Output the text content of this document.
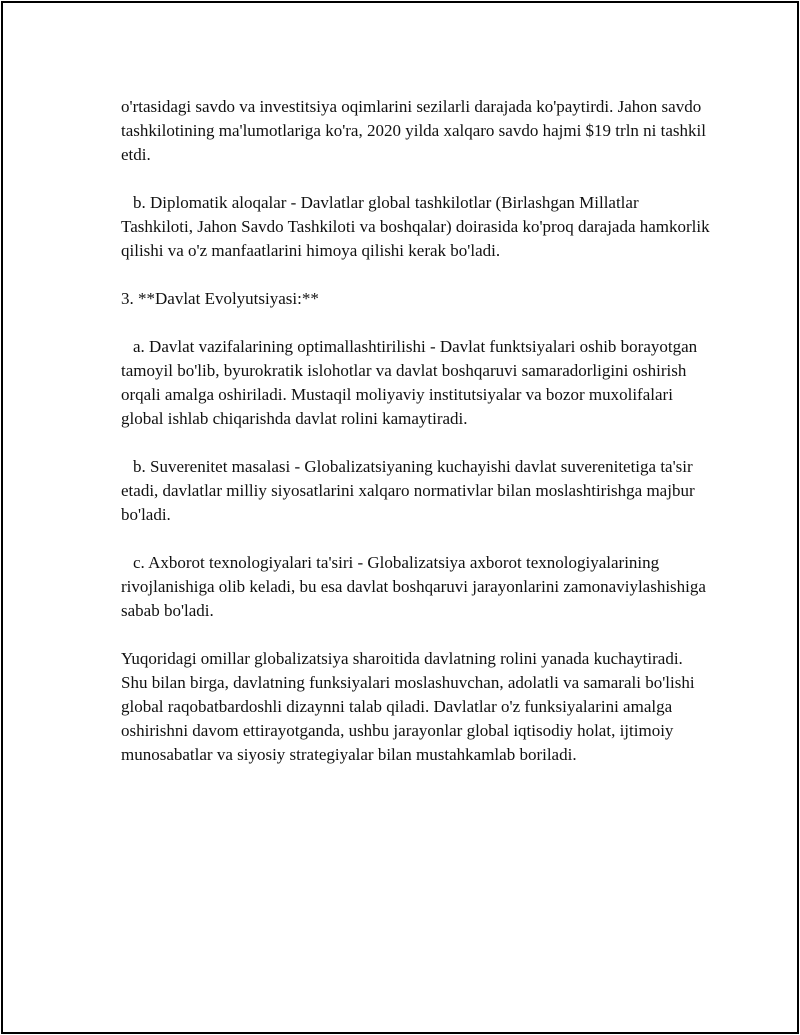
o'rtasidagi savdo va investitsiya oqimlarini sezilarli darajada ko'paytirdi. Jahon savdo tashkilotining ma'lumotlariga ko'ra, 2020 yilda xalqaro savdo hajmi $19 trln ni tashkil etdi.

b. Diplomatik aloqalar - Davlatlar global tashkilotlar (Birlashgan Millatlar Tashkiloti, Jahon Savdo Tashkiloti va boshqalar) doirasida ko'proq darajada hamkorlik qilishi va o'z manfaatlarini himoya qilishi kerak bo'ladi.

3. **Davlat Evolyutsiyasi:**

a. Davlat vazifalarining optimallashtirilishi - Davlat funktsiyalari oshib borayotgan tamoyil bo'lib, byurokratik islohotlar va davlat boshqaruvi samaradorligini oshirish orqali amalga oshiriladi. Mustaqil moliyaviy institutsiyalar va bozor muxolifalari global ishlab chiqarishda davlat rolini kamaytiradi.

b. Suverenitet masalasi - Globalizatsiyaning kuchayishi davlat suverenitetiga ta'sir etadi, davlatlar milliy siyosatlarini xalqaro normativlar bilan moslashtirishga majbur bo'ladi.

c. Axborot texnologiyalari ta'siri - Globalizatsiya axborot texnologiyalarining rivojlanishiga olib keladi, bu esa davlat boshqaruvi jarayonlarini zamonaviylashishiga sabab bo'ladi.

Yuqoridagi omillar globalizatsiya sharoitida davlatning rolini yanada kuchaytiradi. Shu bilan birga, davlatning funksiyalari moslashuvchan, adolatli va samarali bo'lishi global raqobatbardoshli dizaynni talab qiladi. Davlatlar o'z funksiyalarini amalga oshirishni davom ettirayotganda, ushbu jarayonlar global iqtisodiy holat, ijtimoiy munosabatlar va siyosiy strategiyalar bilan mustahkamlab boriladi.
